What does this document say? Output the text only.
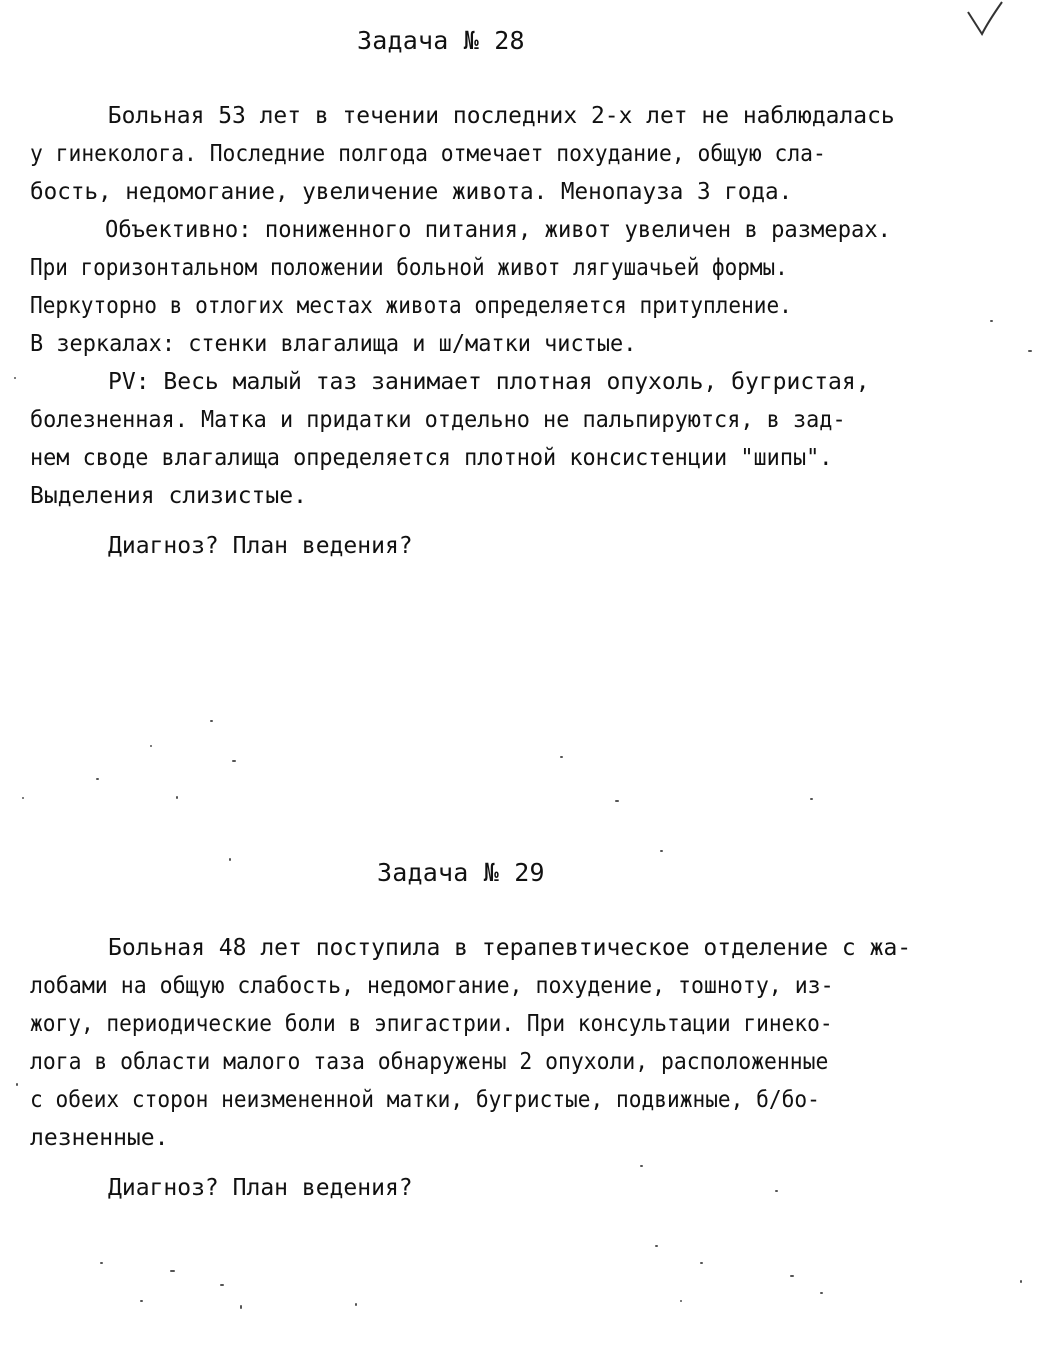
Задача № 28
Больная 53 лет в течении последних 2-х лет не наблюдалась
у гинеколога. Последние полгода отмечает похудание, общую сла-
бость, недомогание, увеличение живота. Менопауза 3 года.
Объективно: пониженного питания, живот увеличен в размерах.
При горизонтальном положении больной живот лягушачьей формы.
Перкуторно в отлогих местах живота определяется притупление.
В зеркалах: стенки влагалища и ш/матки чистые.
PV: Весь малый таз занимает плотная опухоль, бугристая,
болезненная. Матка и придатки отдельно не пальпируются, в зад-
нем своде влагалища определяется плотной консистенции "шипы".
Выделения слизистые.
Диагноз? План ведения?
Задача № 29
Больная 48 лет поступила в терапевтическое отделение с жа-
лобами на общую слабость, недомогание, похудение, тошноту, из-
жогу, периодические боли в эпигастрии. При консультации гинеко-
лога в области малого таза обнаружены 2 опухоли, расположенные
с обеих сторон неизмененной матки, бугристые, подвижные, б/бо-
лезненные.
Диагноз? План ведения?
